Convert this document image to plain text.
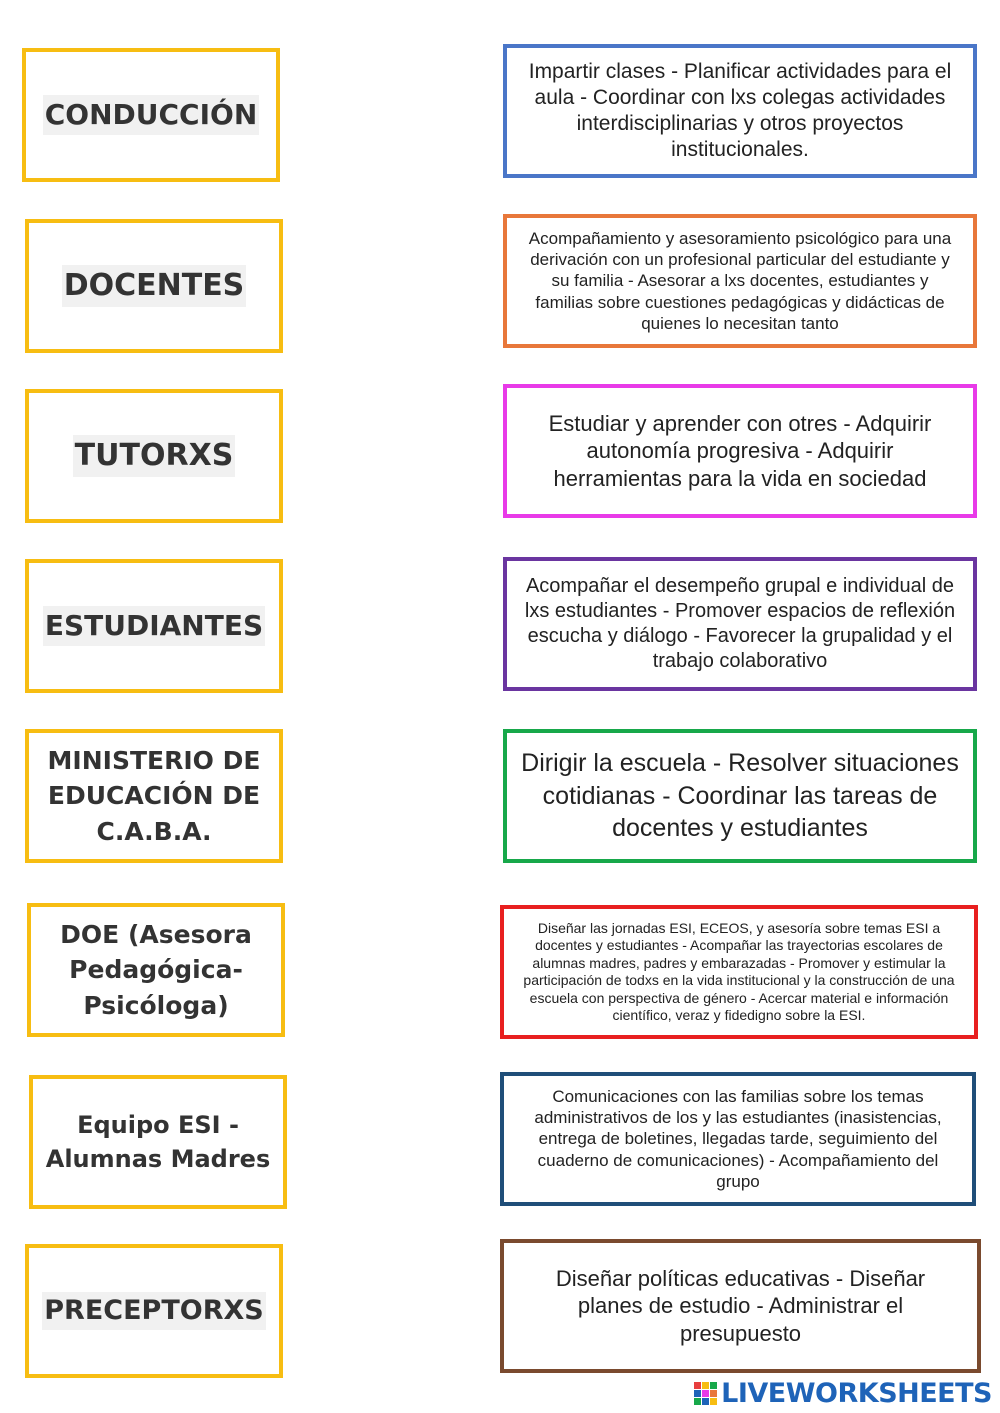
CONDUCCIÓN
DOCENTES
TUTORXS
ESTUDIANTES
MINISTERIO DE EDUCACIÓN DE C.A.B.A.
DOE (Asesora Pedagógica- Psicóloga)
Equipo ESI - Alumnas Madres
PRECEPTORXS
Impartir clases - Planificar actividades para el aula - Coordinar con lxs colegas actividades interdisciplinarias y otros proyectos institucionales.
Acompañamiento y asesoramiento psicológico para una derivación con un profesional particular del estudiante y su familia - Asesorar a lxs docentes, estudiantes y familias sobre cuestiones pedagógicas y didácticas de quienes lo necesitan tanto
Estudiar y aprender con otres - Adquirir autonomía progresiva - Adquirir herramientas para la vida en sociedad
Acompañar el desempeño grupal e individual de lxs estudiantes - Promover espacios de reflexión escucha y diálogo - Favorecer la grupalidad y el trabajo colaborativo
Dirigir la escuela - Resolver situaciones cotidianas - Coordinar las tareas de docentes y estudiantes
Diseñar las jornadas ESI, ECEOS, y asesoría sobre temas ESI a docentes y estudiantes - Acompañar las trayectorias escolares de alumnas madres, padres y embarazadas - Promover y estimular la participación de todxs en la vida institucional y la construcción de una escuela con perspectiva de género - Acercar material e información científico, veraz y fidedigno sobre la ESI.
Comunicaciones con las familias sobre los temas administrativos de los y las estudiantes (inasistencias, entrega de boletines, llegadas tarde, seguimiento del cuaderno de comunicaciones) - Acompañamiento del grupo
Diseñar políticas educativas - Diseñar planes de estudio - Administrar el presupuesto
LIVEWORKSHEETS
